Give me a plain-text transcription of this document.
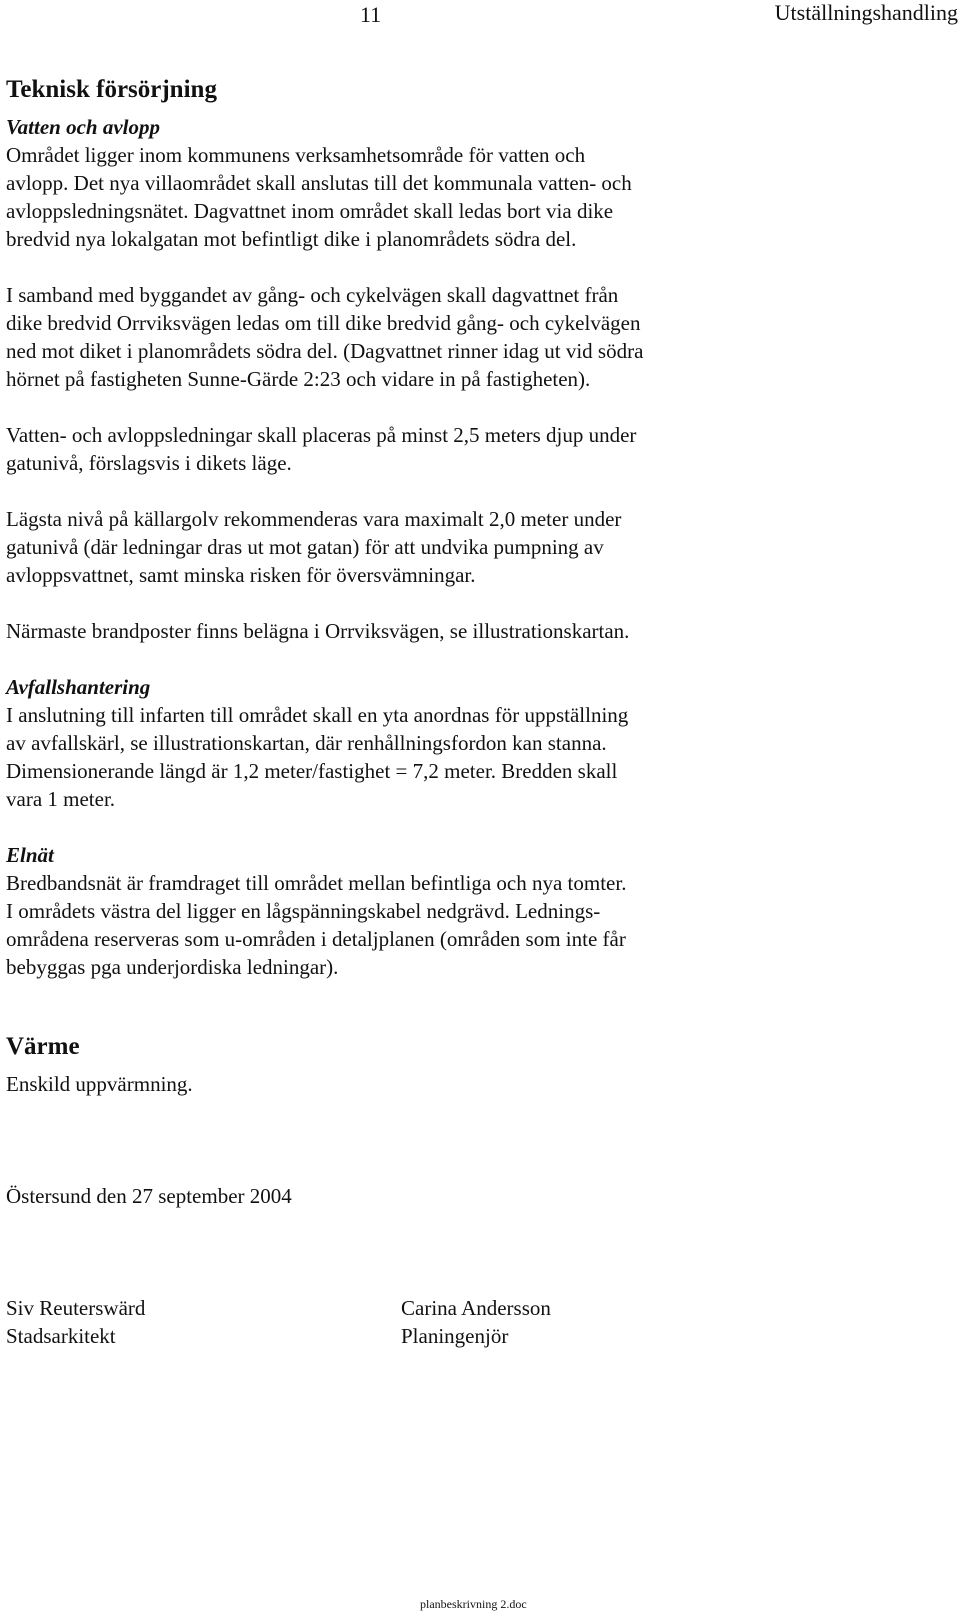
11	Utställningshandling
Teknisk försörjning
Vatten och avlopp
Området ligger inom kommunens verksamhetsområde för vatten och
avlopp. Det nya villaområdet skall anslutas till det kommunala vatten- och
avloppsledningsnätet. Dagvattnet inom området skall ledas bort via dike
bredvid nya lokalgatan mot befintligt dike i planområdets södra del.
I samband med byggandet av gång- och cykelvägen skall dagvattnet från
dike bredvid Orrviksvägen ledas om till dike bredvid gång- och cykelvägen
ned mot diket i planområdets södra del. (Dagvattnet rinner idag ut vid södra
hörnet på fastigheten Sunne-Gärde 2:23 och vidare in på fastigheten).
Vatten- och avloppsledningar skall placeras på minst 2,5 meters djup under
gatunivå, förslagsvis i dikets läge.
Lägsta nivå på källargolv rekommenderas vara maximalt 2,0 meter under
gatunivå (där ledningar dras ut mot gatan) för att undvika pumpning av
avloppsvattnet, samt minska risken för översvämningar.
Närmaste brandposter finns belägna i Orrviksvägen, se illustrationskartan.
Avfallshantering
I anslutning till infarten till området skall en yta anordnas för uppställning
av avfallskärl, se illustrationskartan, där renhållningsfordon kan stanna.
Dimensionerande längd är 1,2 meter/fastighet = 7,2 meter. Bredden skall
vara 1 meter.
Elnät
Bredbandsnät är framdraget till området mellan befintliga och nya tomter.
I områdets västra del ligger en lågspänningskabel nedgrävd. Lednings-
områdena reserveras som u-områden i detaljplanen (områden som inte får
bebyggas pga underjordiska ledningar).
Värme
Enskild uppvärmning.
Östersund den 27 september 2004
Siv Reuterswärd
Stadsarkitekt
Carina Andersson
Planingenjör
planbeskrivning 2.doc
